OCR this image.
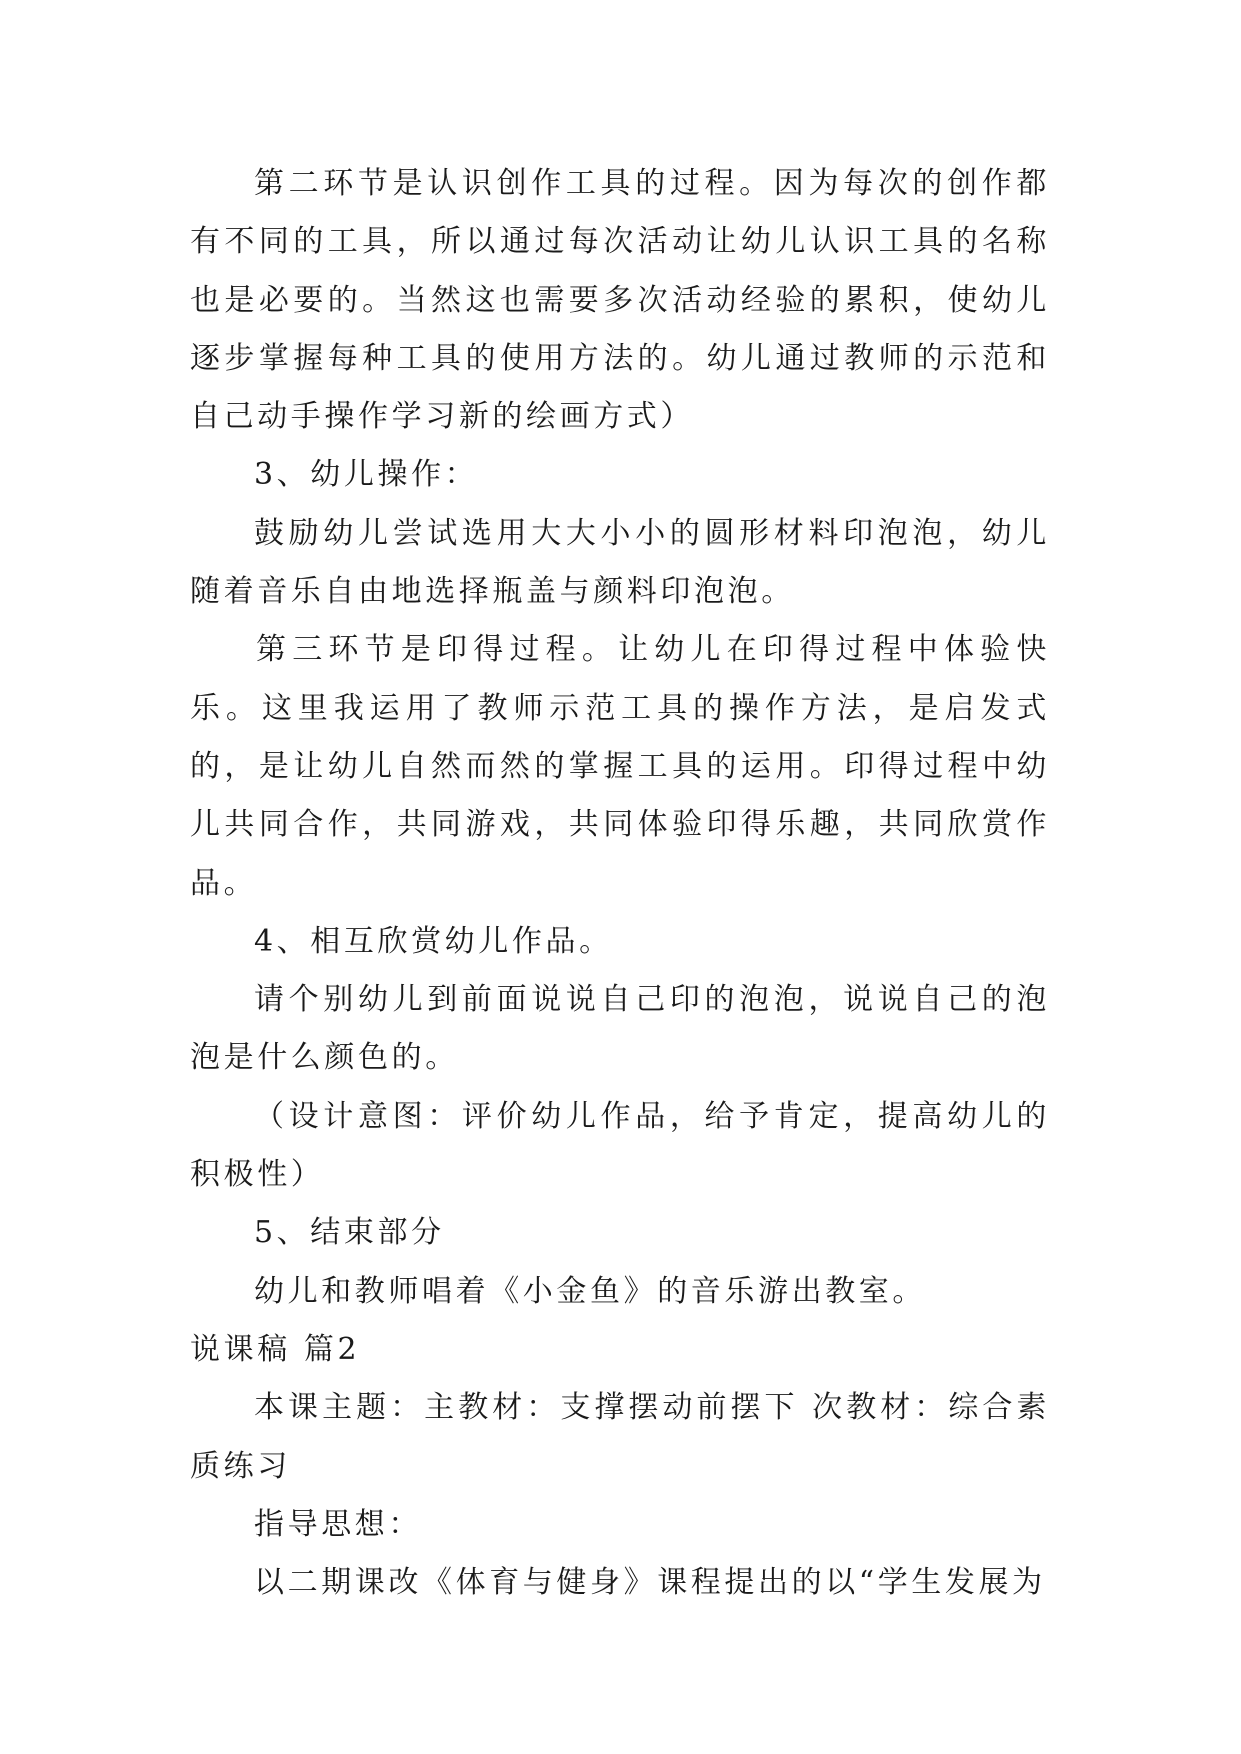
第二环节是认识创作工具的过程。因为每次的创作都有不同的工具，所以通过每次活动让幼儿认识工具的名称也是必要的。当然这也需要多次活动经验的累积，使幼儿逐步掌握每种工具的使用方法的。幼儿通过教师的示范和自己动手操作学习新的绘画方式）

3、幼儿操作：

鼓励幼儿尝试选用大大小小的圆形材料印泡泡，幼儿随着音乐自由地选择瓶盖与颜料印泡泡。

第三环节是印得过程。让幼儿在印得过程中体验快乐。这里我运用了教师示范工具的操作方法，是启发式的，是让幼儿自然而然的掌握工具的运用。印得过程中幼儿共同合作，共同游戏，共同体验印得乐趣，共同欣赏作品。

4、相互欣赏幼儿作品。

请个别幼儿到前面说说自己印的泡泡，说说自己的泡泡是什么颜色的。

（设计意图：评价幼儿作品，给予肯定，提高幼儿的积极性）

5、结束部分

幼儿和教师唱着《小金鱼》的音乐游出教室。

说课稿 篇2

本课主题：主教材：支撑摆动前摆下 次教材：综合素质练习

指导思想：

以二期课改《体育与健身》课程提出的以“学生发展为
